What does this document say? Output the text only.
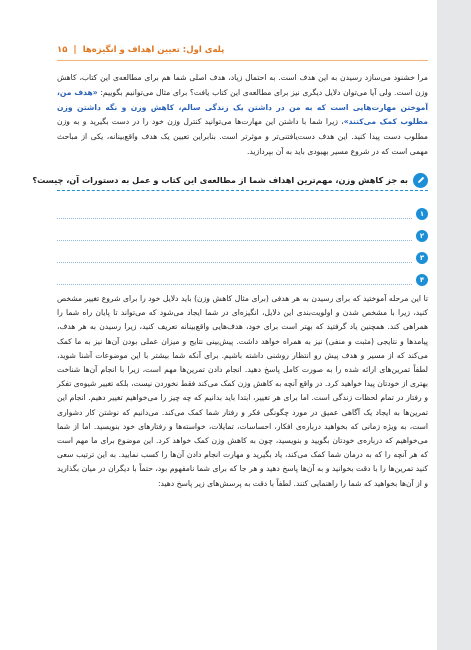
۱۵ | پله‌ی اول: تعیین اهداف و انگیزه‌ها

مرا خشنود می‌سازد رسیدن به این هدف است. به احتمال زیاد، هدف اصلی شما هم برای مطالعه‌ی این کتاب، کاهش وزن است. ولی آیا می‌توان دلایل دیگری نیز برای مطالعه‌ی این کتاب یافت؟ برای مثال می‌توانیم بگوییم: «هدف من، آموختن مهارت‌هایی است که به من در داشتن یک زندگی سالم، کاهش وزن و نگه داشتن وزن مطلوب کمک می‌کنند»، زیرا شما با داشتن این مهارت‌ها می‌توانید کنترل وزن خود را در دست بگیرید و به وزن مطلوب دست پیدا کنید. این هدف دست‌یافتنی‌تر و موثرتر است. بنابراین تعیین یک هدف واقع‌بینانه، یکی از مباحث مهمی است که در شروع مسیر بهبودی باید به آن بپردازید.

به جز کاهش وزن، مهم‌ترین اهداف شما از مطالعه‌ی این کتاب و عمل به دستورات آن، چیست؟
۱
۲
۳
۴

تا این مرحله آموختید که برای رسیدن به هر هدفی (برای مثال کاهش وزن) باید دلایل خود را برای شروع تغییر مشخص کنید، زیرا با مشخص شدن و اولویت‌بندی این دلایل، انگیزه‌ای در شما ایجاد می‌شود که می‌تواند تا پایان راه شما را همراهی کند. همچنین یاد گرفتید که بهتر است برای خود، هدف‌هایی واقع‌بینانه تعریف کنید، زیرا رسیدن به هر هدف، پیامدها و نتایجی (مثبت و منفی) نیز به همراه خواهد داشت. پیش‌بینی نتایج و میزان عملی بودن آن‌ها نیز به ما کمک می‌کند که از مسیر و هدف پیش رو انتظار روشنی داشته باشیم. برای آنکه شما بیشتر با این موضوعات آشنا شوید، لطفاً تمرین‌های ارائه شده را به صورت کامل پاسخ دهید. انجام دادن تمرین‌ها مهم است، زیرا با انجام آن‌ها شناخت بهتری از خودتان پیدا خواهید کرد. در واقع آنچه به کاهش وزن کمک می‌کند فقط نخوردن نیست، بلکه تغییر شیوه‌ی تفکر و رفتار در تمام لحظات زندگی است. اما برای هر تغییر، ابتدا باید بدانیم که چه چیز را می‌خواهیم تغییر دهیم. انجام این تمرین‌ها به ایجاد یک آگاهی عمیق در مورد چگونگی فکر و رفتار شما کمک می‌کند. می‌دانیم که نوشتن کار دشواری است، به ویژه زمانی که بخواهید درباره‌ی افکار، احساسات، تمایلات، خواسته‌ها و رفتارهای خود بنویسید. اما از شما می‌خواهیم که درباره‌ی خودتان بگویید و بنویسید، چون به کاهش وزن کمک خواهد کرد. این موضوع برای ما مهم است که هر آنچه را که به درمان شما کمک می‌کند، یاد بگیرید و مهارت انجام دادن آن‌ها را کسب نمایید. به این ترتیب سعی کنید تمرین‌ها را با دقت بخوانید و به آن‌ها پاسخ دهید و هر جا که برای شما نامفهوم بود، حتماً با دیگران در میان بگذارید و از آن‌ها بخواهید که شما را راهنمایی کنند. لطفاً با دقت به پرسش‌های زیر پاسخ دهید:
